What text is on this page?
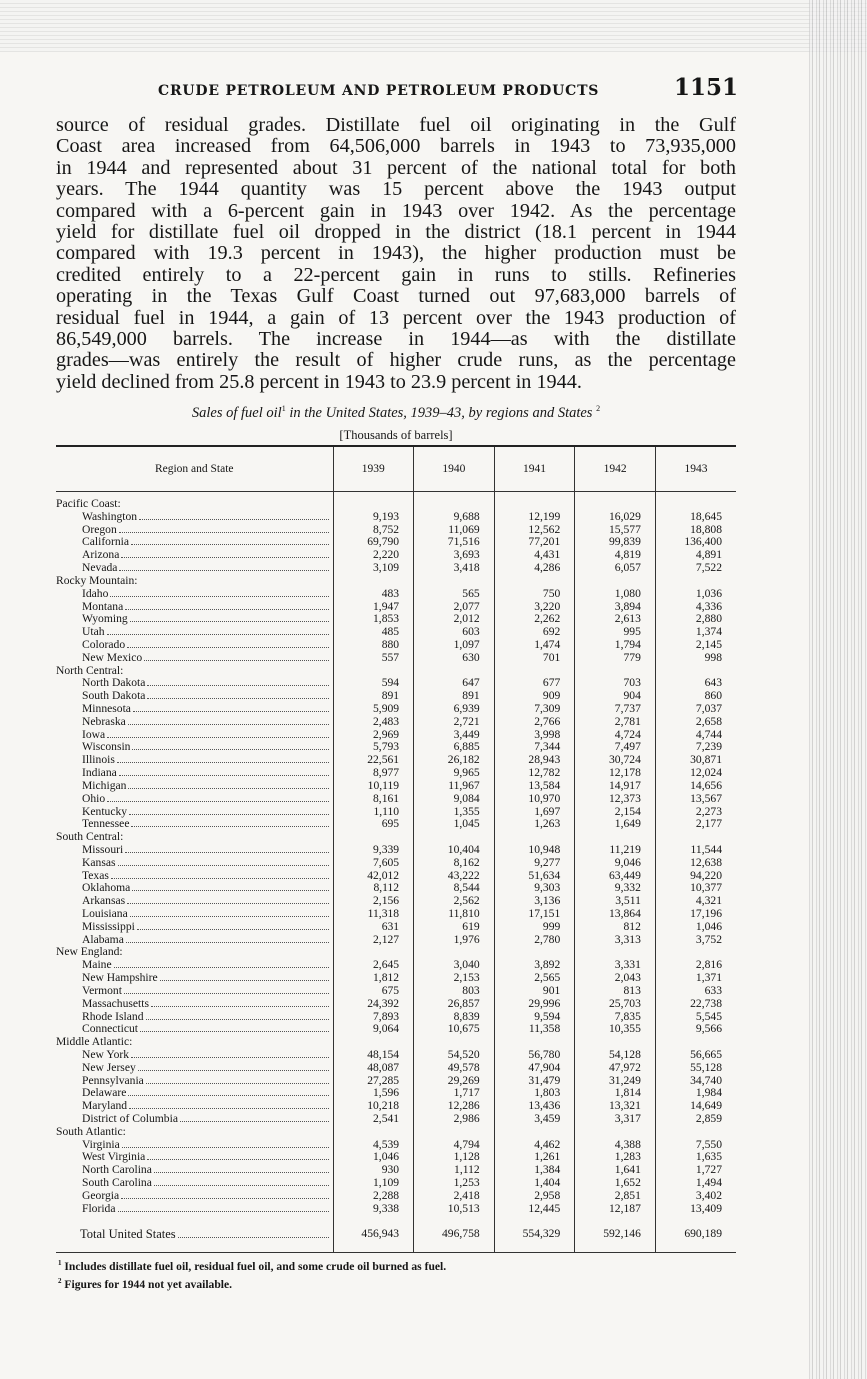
CRUDE PETROLEUM AND PETROLEUM PRODUCTS	1151
source of residual grades. Distillate fuel oil originating in the Gulf
Coast area increased from 64,506,000 barrels in 1943 to 73,935,000
in 1944 and represented about 31 percent of the national total for both
years. The 1944 quantity was 15 percent above the 1943 output
compared with a 6-percent gain in 1943 over 1942. As the percentage
yield for distillate fuel oil dropped in the district (18.1 percent in 1944
compared with 19.3 percent in 1943), the higher production must be
credited entirely to a 22-percent gain in runs to stills. Refineries
operating in the Texas Gulf Coast turned out 97,683,000 barrels of
residual fuel in 1944, a gain of 13 percent over the 1943 production of
86,549,000 barrels. The increase in 1944—as with the distillate
grades—was entirely the result of higher crude runs, as the percentage
yield declined from 25.8 percent in 1943 to 23.9 percent in 1944.
Sales of fuel oil$^1$ in the United States, 1939–43, by regions and States $^2$
[Thousands of barrels]
Region and State	1939	1940	1941	1942	1943

Pacific Coast:					

Washington	9,193	9,688	12,199	16,029	18,645

Oregon	8,752	11,069	12,562	15,577	18,808

California	69,790	71,516	77,201	99,839	136,400

Arizona	2,220	3,693	4,431	4,819	4,891

Nevada	3,109	3,418	4,286	6,057	7,522

Rocky Mountain:					

Idaho	483	565	750	1,080	1,036

Montana	1,947	2,077	3,220	3,894	4,336

Wyoming	1,853	2,012	2,262	2,613	2,880

Utah	485	603	692	995	1,374

Colorado	880	1,097	1,474	1,794	2,145

New Mexico	557	630	701	779	998

North Central:					

North Dakota	594	647	677	703	643

South Dakota	891	891	909	904	860

Minnesota	5,909	6,939	7,309	7,737	7,037

Nebraska	2,483	2,721	2,766	2,781	2,658

Iowa	2,969	3,449	3,998	4,724	4,744

Wisconsin	5,793	6,885	7,344	7,497	7,239

Illinois	22,561	26,182	28,943	30,724	30,871

Indiana	8,977	9,965	12,782	12,178	12,024

Michigan	10,119	11,967	13,584	14,917	14,656

Ohio	8,161	9,084	10,970	12,373	13,567

Kentucky	1,110	1,355	1,697	2,154	2,273

Tennessee	695	1,045	1,263	1,649	2,177

South Central:					

Missouri	9,339	10,404	10,948	11,219	11,544

Kansas	7,605	8,162	9,277	9,046	12,638

Texas	42,012	43,222	51,634	63,449	94,220

Oklahoma	8,112	8,544	9,303	9,332	10,377

Arkansas	2,156	2,562	3,136	3,511	4,321

Louisiana	11,318	11,810	17,151	13,864	17,196

Mississippi	631	619	999	812	1,046

Alabama	2,127	1,976	2,780	3,313	3,752

New England:					

Maine	2,645	3,040	3,892	3,331	2,816

New Hampshire	1,812	2,153	2,565	2,043	1,371

Vermont	675	803	901	813	633

Massachusetts	24,392	26,857	29,996	25,703	22,738

Rhode Island	7,893	8,839	9,594	7,835	5,545

Connecticut	9,064	10,675	11,358	10,355	9,566

Middle Atlantic:					

New York	48,154	54,520	56,780	54,128	56,665

New Jersey	48,087	49,578	47,904	47,972	55,128

Pennsylvania	27,285	29,269	31,479	31,249	34,740

Delaware	1,596	1,717	1,803	1,814	1,984

Maryland	10,218	12,286	13,436	13,321	14,649

District of Columbia	2,541	2,986	3,459	3,317	2,859

South Atlantic:					

Virginia	4,539	4,794	4,462	4,388	7,550

West Virginia	1,046	1,128	1,261	1,283	1,635

North Carolina	930	1,112	1,384	1,641	1,727

South Carolina	1,109	1,253	1,404	1,652	1,494

Georgia	2,288	2,418	2,958	2,851	3,402

Florida	9,338	10,513	12,445	12,187	13,409

Total United States	456,943	496,758	554,329	592,146	690,189
$^1$ Includes distillate fuel oil, residual fuel oil, and some crude oil burned as fuel.
$^2$ Figures for 1944 not yet available.
